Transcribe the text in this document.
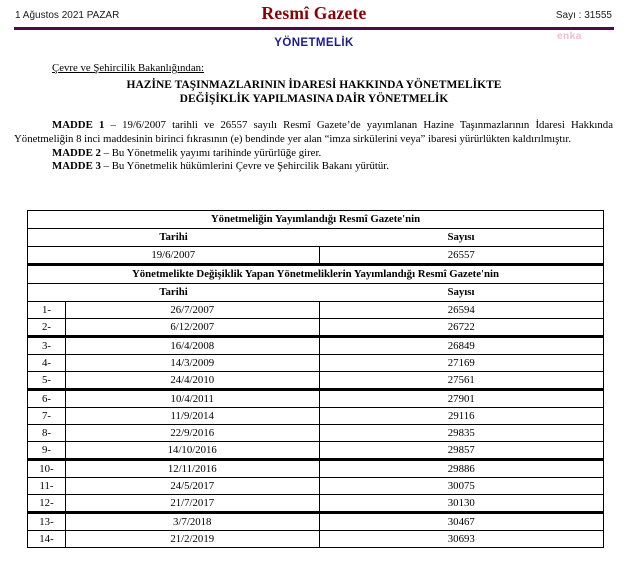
1 Ağustos 2021 PAZAR	Resmî Gazete	Sayı : 31555
enka
YÖNETMELİK
Çevre ve Şehircilik Bakanlığından:
HAZİNE TAŞINMAZLARININ İDARESİ HAKKINDA YÖNETMELİKTE
DEĞİŞİKLİK YAPILMASINA DAİR YÖNETMELİK

MADDE 1 – 19/6/2007 tarihli ve 26557 sayılı Resmî Gazete’de yayımlanan Hazine Taşınmazlarının İdaresi Hakkında Yönetmeliğin 8 inci maddesinin birinci fıkrasının (e) bendinde yer alan “imza sirkülerini veya” ibaresi yürürlükten kaldırılmıştır.

MADDE 2 – Bu Yönetmelik yayımı tarihinde yürürlüğe girer.

MADDE 3 – Bu Yönetmelik hükümlerini Çevre ve Şehircilik Bakanı yürütür.

Yönetmeliğin Yayımlandığı Resmî Gazete'nin		
Tarihi		Sayısı
19/6/2007		26557
Yönetmelikte Değişiklik Yapan Yönetmeliklerin Yayımlandığı Resmî Gazete'nin		
Tarihi		Sayısı
1-	26/7/2007	26594
2-	6/12/2007	26722
3-	16/4/2008	26849
4-	14/3/2009	27169
5-	24/4/2010	27561
6-	10/4/2011	27901
7-	11/9/2014	29116
8-	22/9/2016	29835
9-	14/10/2016	29857
10-	12/11/2016	29886
11-	24/5/2017	30075
12-	21/7/2017	30130
13-	3/7/2018	30467
14-	21/2/2019	30693
